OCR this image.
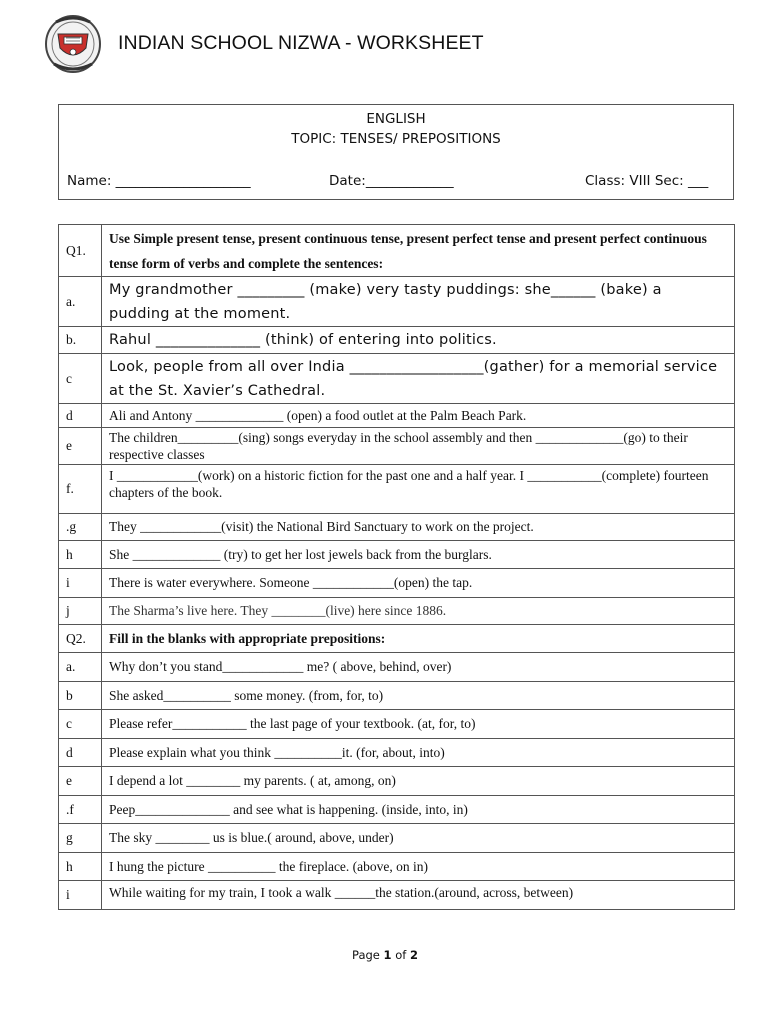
INDIAN SCHOOL NIZWA - WORKSHEET
ENGLISH
TOPIC: TENSES/ PREPOSITIONS
Name: ____________________	Date:_____________	Class: VIII Sec: ___
Q1.	Use Simple present tense, present continuous tense, present perfect tense and present perfect continuous tense form of verbs and complete the sentences:
a.	My grandmother _________ (make) very tasty puddings: she______ (bake) a pudding at the moment.
b.	Rahul ______________ (think) of entering into politics.
c	Look, people from all over India __________________(gather) for a memorial service at the St. Xavier’s Cathedral.
d	Ali and Antony _____________ (open) a food outlet at the Palm Beach Park.
e	The children_________(sing) songs everyday in the school assembly and then _____________(go) to their respective classes
f.	I ____________(work) on a historic fiction for the past one and a half year. I ___________(complete) fourteen chapters of the book.
.g	They ____________(visit) the National Bird Sanctuary to work on the project.
h	She _____________ (try) to get her lost jewels back from the burglars.
i	There is water everywhere. Someone ____________(open) the tap.
j	The Sharma’s live here. They ________(live) here since 1886.
Q2.	Fill in the blanks with appropriate prepositions:
a.	Why don’t you stand____________ me? ( above, behind, over)
b	She asked__________ some money. (from, for, to)
c	Please refer___________ the last page of your textbook. (at, for, to)
d	Please explain what you think __________it. (for, about, into)
e	I depend a lot ________ my parents. ( at, among, on)
.f	Peep______________ and see what is happening. (inside, into, in)
g	The sky ________ us is blue.( around, above, under)
h	I hung the picture __________ the fireplace. (above, on in)
i	While waiting for my train, I took a walk ______the station.(around, across, between)
Page 1 of 2
